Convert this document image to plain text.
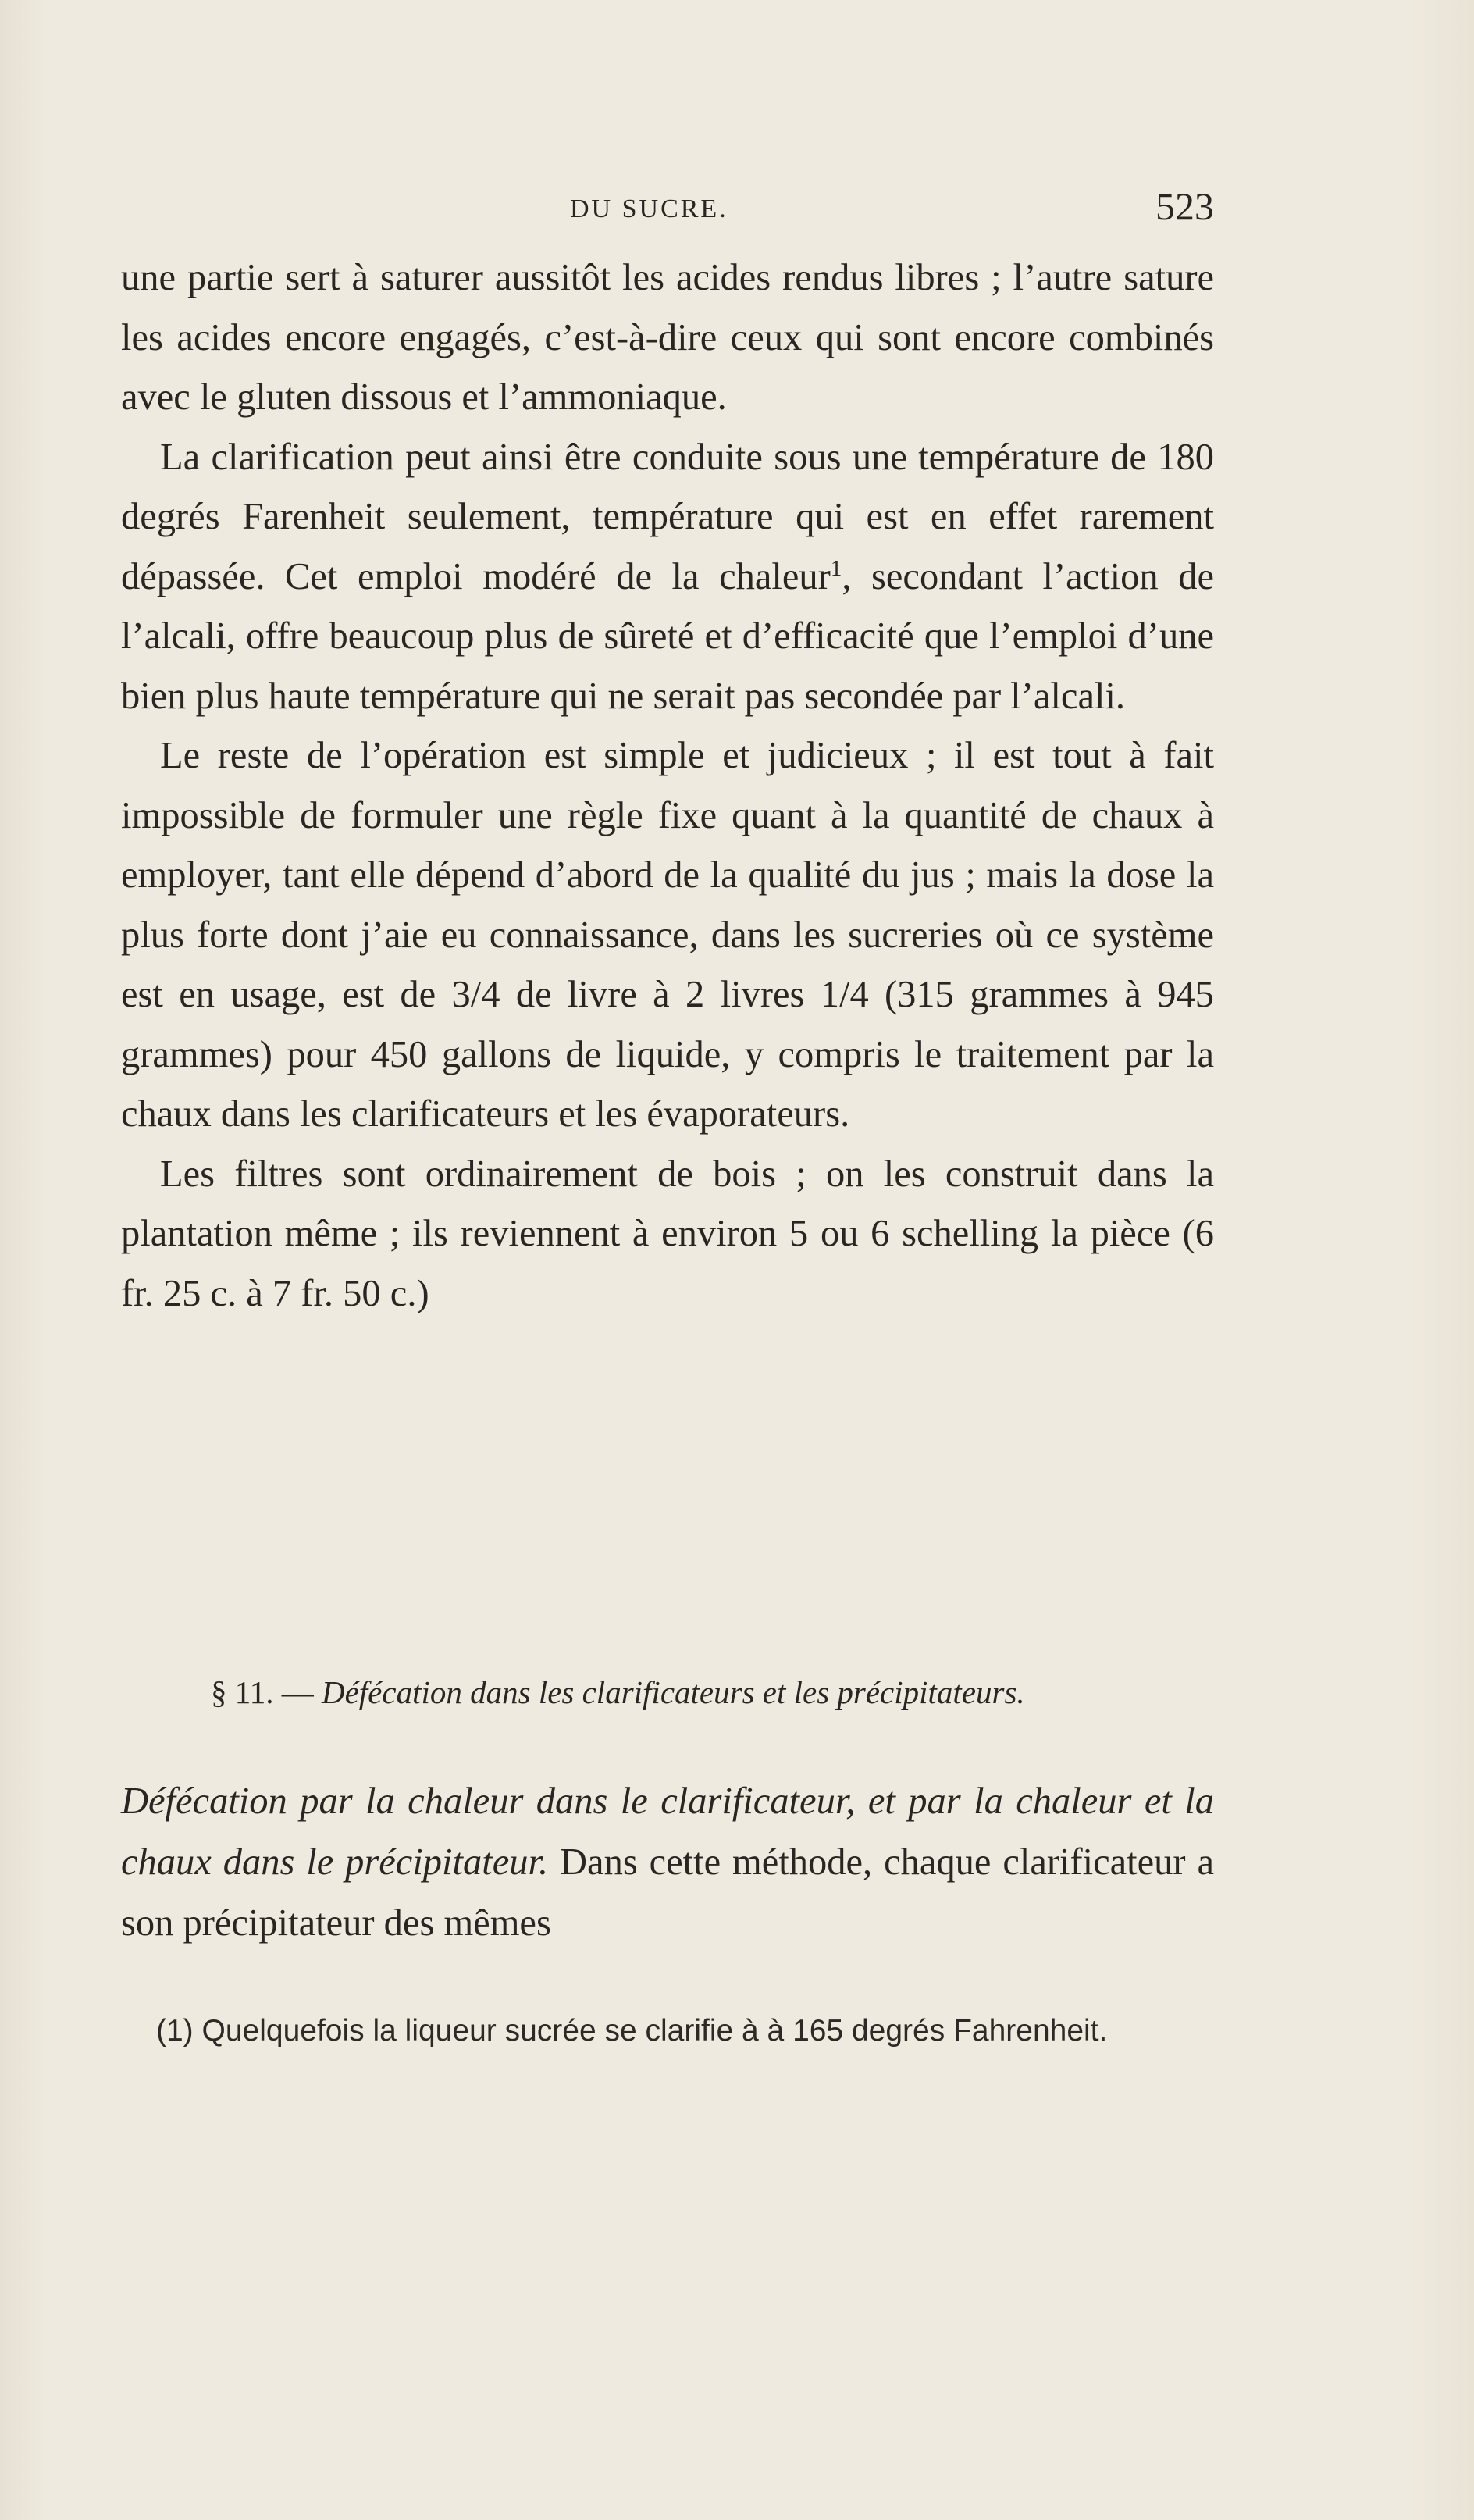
DU SUCRE.	523

une partie sert à saturer aussitôt les acides rendus libres ; l’autre sature les acides encore engagés, c’est-à-dire ceux qui sont encore combinés avec le gluten dissous et l’ammoniaque.

La clarification peut ainsi être conduite sous une température de 180 degrés Farenheit seulement, température qui est en effet rarement dépassée. Cet emploi modéré de la chaleur$^1$, secondant l’action de l’alcali, offre beaucoup plus de sûreté et d’efficacité que l’emploi d’une bien plus haute température qui ne serait pas secondée par l’alcali.

Le reste de l’opération est simple et judicieux ; il est tout à fait impossible de formuler une règle fixe quant à la quantité de chaux à employer, tant elle dépend d’abord de la qualité du jus ; mais la dose la plus forte dont j’aie eu connaissance, dans les sucreries où ce système est en usage, est de 3/4 de livre à 2 livres 1/4 (315 grammes à 945 grammes) pour 450 gallons de liquide, y compris le traitement par la chaux dans les clarificateurs et les évaporateurs.

Les filtres sont ordinairement de bois ; on les construit dans la plantation même ; ils reviennent à environ 5 ou 6 schelling la pièce (6 fr. 25 c. à 7 fr. 50 c.)

§ 11. — Défécation dans les clarificateurs et les précipitateurs.

Défécation par la chaleur dans le clarificateur, et par la chaleur et la chaux dans le précipitateur. Dans cette méthode, chaque clarificateur a son précipitateur des mêmes

(1) Quelquefois la liqueur sucrée se clarifie à à 165 degrés Fahrenheit.
